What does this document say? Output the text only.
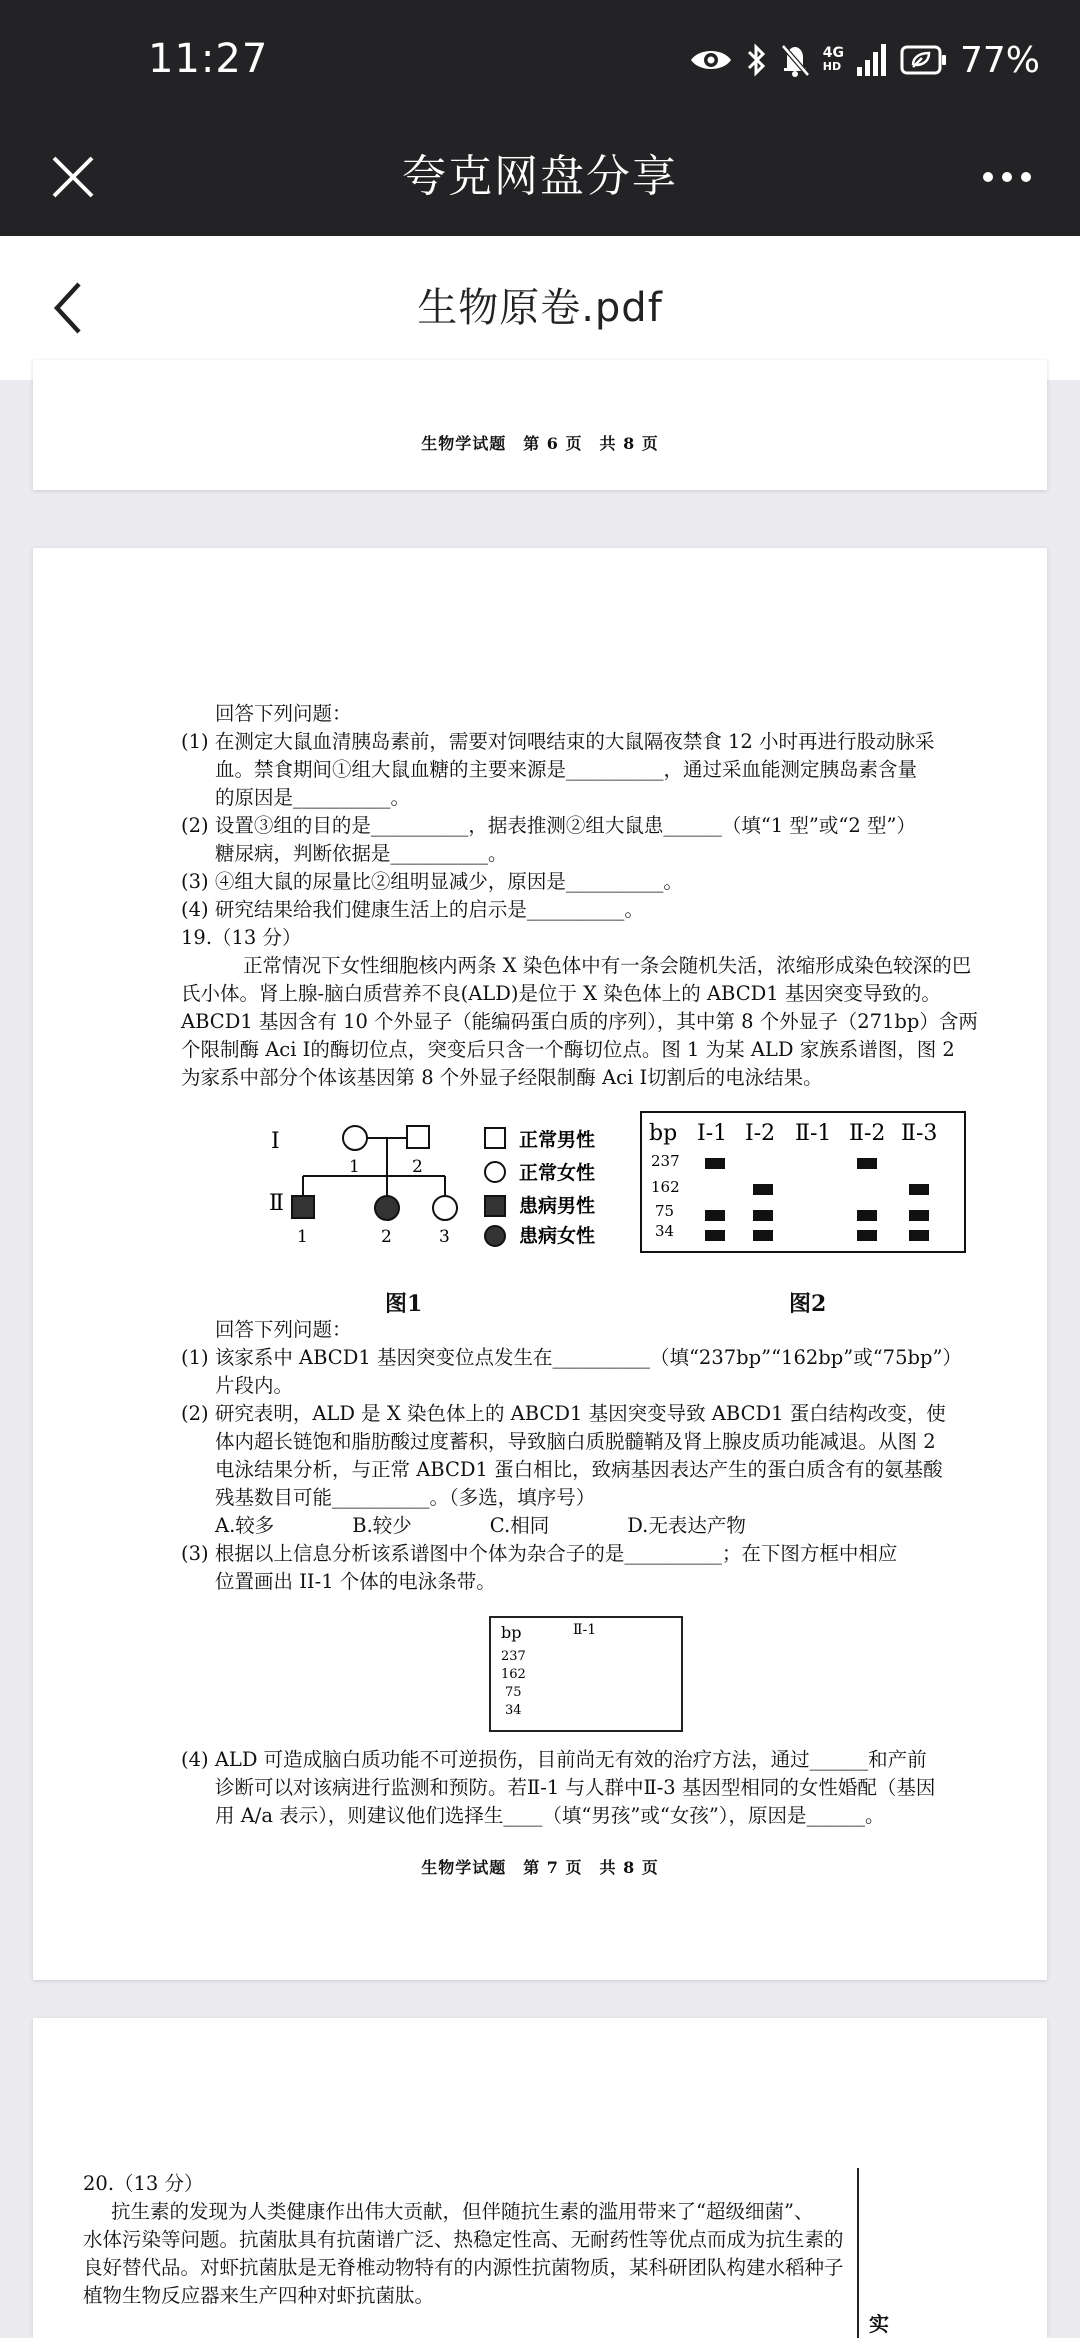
11:27	4G
HD	77%
夸克网盘分享
生物原卷.pdf
生物学试题　第 6 页　共 8 页
回答下列问题：
(1) 在测定大鼠血清胰岛素前，需要对饲喂结束的大鼠隔夜禁食 12 小时再进行股动脉采
血。禁食期间①组大鼠血糖的主要来源是__________，通过采血能测定胰岛素含量
的原因是__________。
(2) 设置③组的目的是__________，据表推测②组大鼠患______（填“1 型”或“2 型”）
糖尿病，判断依据是__________。
(3) ④组大鼠的尿量比②组明显减少，原因是__________。
(4) 研究结果给我们健康生活上的启示是__________。
19.（13 分）
正常情况下女性细胞核内两条 X 染色体中有一条会随机失活，浓缩形成染色较深的巴
氏小体。肾上腺-脑白质营养不良(ALD)是位于 X 染色体上的 ABCD1 基因突变导致的。
ABCD1 基因含有 10 个外显子（能编码蛋白质的序列），其中第 8 个外显子（271bp）含两
个限制酶 Aci Ⅰ的酶切位点，突变后只含一个酶切位点。图 1 为某 ALD 家族系谱图，图 2
为家系中部分个体该基因第 8 个外显子经限制酶 Aci Ⅰ切割后的电泳结果。
Ⅰ
Ⅱ
1	2
1	2	3
正常男性
正常女性
患病男性
患病女性
bp Ⅰ-1 Ⅰ-2 Ⅱ-1 Ⅱ-2 Ⅱ-3
237
162
75
34
图1	图2
回答下列问题：
(1) 该家系中 ABCD1 基因突变位点发生在__________（填“237bp”“162bp”或“75bp”）
片段内。
(2) 研究表明，ALD 是 X 染色体上的 ABCD1 基因突变导致 ABCD1 蛋白结构改变，使
体内超长链饱和脂肪酸过度蓄积，导致脑白质脱髓鞘及肾上腺皮质功能减退。从图 2
电泳结果分析，与正常 ABCD1 蛋白相比，致病基因表达产生的蛋白质含有的氨基酸
残基数目可能__________。（多选，填序号）
A.较多　　　　B.较少　　　　C.相同　　　　D.无表达产物
(3) 根据以上信息分析该系谱图中个体为杂合子的是__________；在下图方框中相应
位置画出 II-1 个体的电泳条带。
bp	Ⅱ-1
237
162
75
34
(4) ALD 可造成脑白质功能不可逆损伤，目前尚无有效的治疗方法，通过______和产前
诊断可以对该病进行监测和预防。若Ⅱ-1 与人群中Ⅱ-3 基因型相同的女性婚配（基因
用 A/a 表示），则建议他们选择生____（填“男孩”或“女孩”），原因是______。
生物学试题　第 7 页　共 8 页
20.（13 分）
抗生素的发现为人类健康作出伟大贡献，但伴随抗生素的滥用带来了“超级细菌”、
水体污染等问题。抗菌肽具有抗菌谱广泛、热稳定性高、无耐药性等优点而成为抗生素的
良好替代品。对虾抗菌肽是无脊椎动物特有的内源性抗菌物质，某科研团队构建水稻种子
植物生物反应器来生产四种对虾抗菌肽。
实
